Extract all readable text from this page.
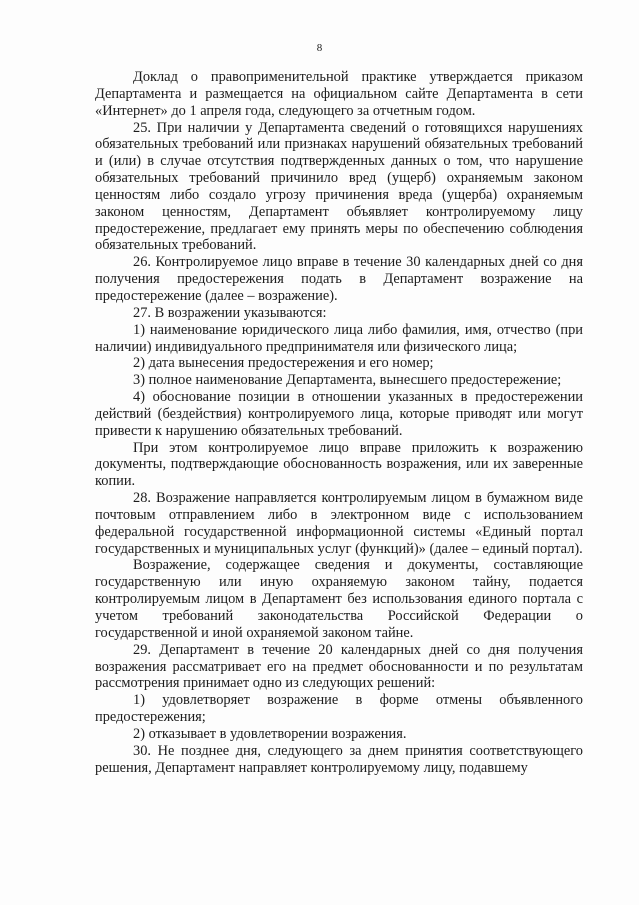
8

Доклад о правоприменительной практике утверждается приказом Департамента и размещается на официальном сайте Департамента в сети «Интернет» до 1 апреля года, следующего за отчетным годом.

25. При наличии у Департамента сведений о готовящихся нарушениях обязательных требований или признаках нарушений обязательных требований и (или) в случае отсутствия подтвержденных данных о том, что нарушение обязательных требований причинило вред (ущерб) охраняемым законом ценностям либо создало угрозу причинения вреда (ущерба) охраняемым законом ценностям, Департамент объявляет контролируемому лицу предостережение, предлагает ему принять меры по обеспечению соблюдения обязательных требований.

26. Контролируемое лицо вправе в течение 30 календарных дней со дня получения предостережения подать в Департамент возражение на предостережение (далее – возражение).

27. В возражении указываются:

1) наименование юридического лица либо фамилия, имя, отчество (при наличии) индивидуального предпринимателя или физического лица;

2) дата вынесения предостережения и его номер;

3) полное наименование Департамента, вынесшего предостережение;

4) обоснование позиции в отношении указанных в предостережении действий (бездействия) контролируемого лица, которые приводят или могут привести к нарушению обязательных требований.

При этом контролируемое лицо вправе приложить к возражению документы, подтверждающие обоснованность возражения, или их заверенные копии.

28. Возражение направляется контролируемым лицом в бумажном виде почтовым отправлением либо в электронном виде с использованием федеральной государственной информационной системы «Единый портал государственных и муниципальных услуг (функций)» (далее – единый портал).

Возражение, содержащее сведения и документы, составляющие государственную или иную охраняемую законом тайну, подается контролируемым лицом в Департамент без использования единого портала с учетом требований законодательства Российской Федерации о государственной и иной охраняемой законом тайне.

29. Департамент в течение 20 календарных дней со дня получения возражения рассматривает его на предмет обоснованности и по результатам рассмотрения принимает одно из следующих решений:

1) удовлетворяет возражение в форме отмены объявленного предостережения;

2) отказывает в удовлетворении возражения.

30. Не позднее дня, следующего за днем принятия соответствующего решения, Департамент направляет контролируемому лицу, подавшему
